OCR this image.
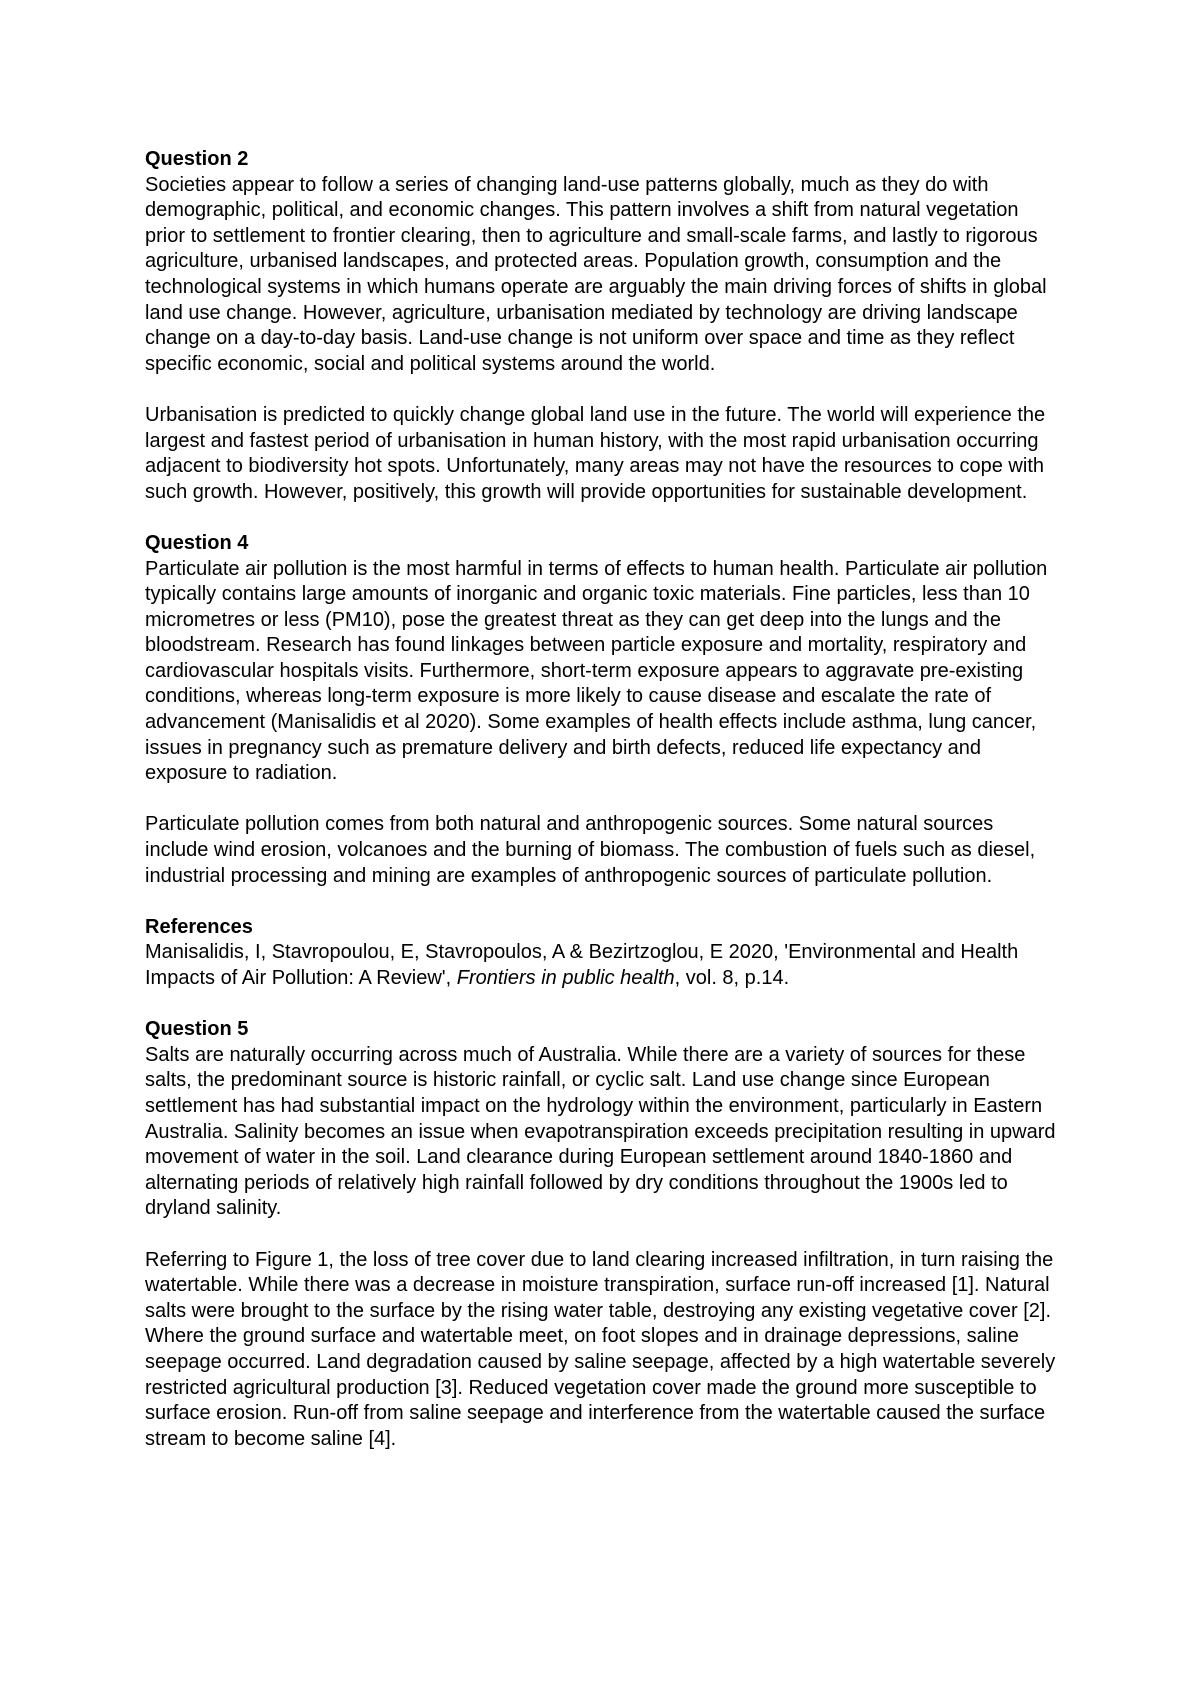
Question 2

Societies appear to follow a series of changing land-use patterns globally, much as they do with demographic, political, and economic changes. This pattern involves a shift from natural vegetation prior to settlement to frontier clearing, then to agriculture and small-scale farms, and lastly to rigorous agriculture, urbanised landscapes, and protected areas. Population growth, consumption and the technological systems in which humans operate are arguably the main driving forces of shifts in global land use change. However, agriculture, urbanisation mediated by technology are driving landscape change on a day-to-day basis. Land-use change is not uniform over space and time as they reflect specific economic, social and political systems around the world.

Urbanisation is predicted to quickly change global land use in the future. The world will experience the largest and fastest period of urbanisation in human history, with the most rapid urbanisation occurring adjacent to biodiversity hot spots. Unfortunately, many areas may not have the resources to cope with such growth. However, positively, this growth will provide opportunities for sustainable development.

Question 4

Particulate air pollution is the most harmful in terms of effects to human health. Particulate air pollution typically contains large amounts of inorganic and organic toxic materials. Fine particles, less than 10 micrometres or less (PM10), pose the greatest threat as they can get deep into the lungs and the bloodstream. Research has found linkages between particle exposure and mortality, respiratory and cardiovascular hospitals visits. Furthermore, short-term exposure appears to aggravate pre-existing conditions, whereas long-term exposure is more likely to cause disease and escalate the rate of advancement (Manisalidis et al 2020). Some examples of health effects include asthma, lung cancer, issues in pregnancy such as premature delivery and birth defects, reduced life expectancy and exposure to radiation.

Particulate pollution comes from both natural and anthropogenic sources. Some natural sources include wind erosion, volcanoes and the burning of biomass. The combustion of fuels such as diesel, industrial processing and mining are examples of anthropogenic sources of particulate pollution.

References

Manisalidis, I, Stavropoulou, E, Stavropoulos, A & Bezirtzoglou, E 2020, 'Environmental and Health Impacts of Air Pollution: A Review', Frontiers in public health, vol. 8, p.14.

Question 5

Salts are naturally occurring across much of Australia. While there are a variety of sources for these salts, the predominant source is historic rainfall, or cyclic salt. Land use change since European settlement has had substantial impact on the hydrology within the environment, particularly in Eastern Australia. Salinity becomes an issue when evapotranspiration exceeds precipitation resulting in upward movement of water in the soil. Land clearance during European settlement around 1840-1860 and alternating periods of relatively high rainfall followed by dry conditions throughout the 1900s led to dryland salinity.

Referring to Figure 1, the loss of tree cover due to land clearing increased infiltration, in turn raising the watertable. While there was a decrease in moisture transpiration, surface run-off increased [1]. Natural salts were brought to the surface by the rising water table, destroying any existing vegetative cover [2]. Where the ground surface and watertable meet, on foot slopes and in drainage depressions, saline seepage occurred. Land degradation caused by saline seepage, affected by a high watertable severely restricted agricultural production [3]. Reduced vegetation cover made the ground more susceptible to surface erosion. Run-off from saline seepage and interference from the watertable caused the surface stream to become saline [4].
